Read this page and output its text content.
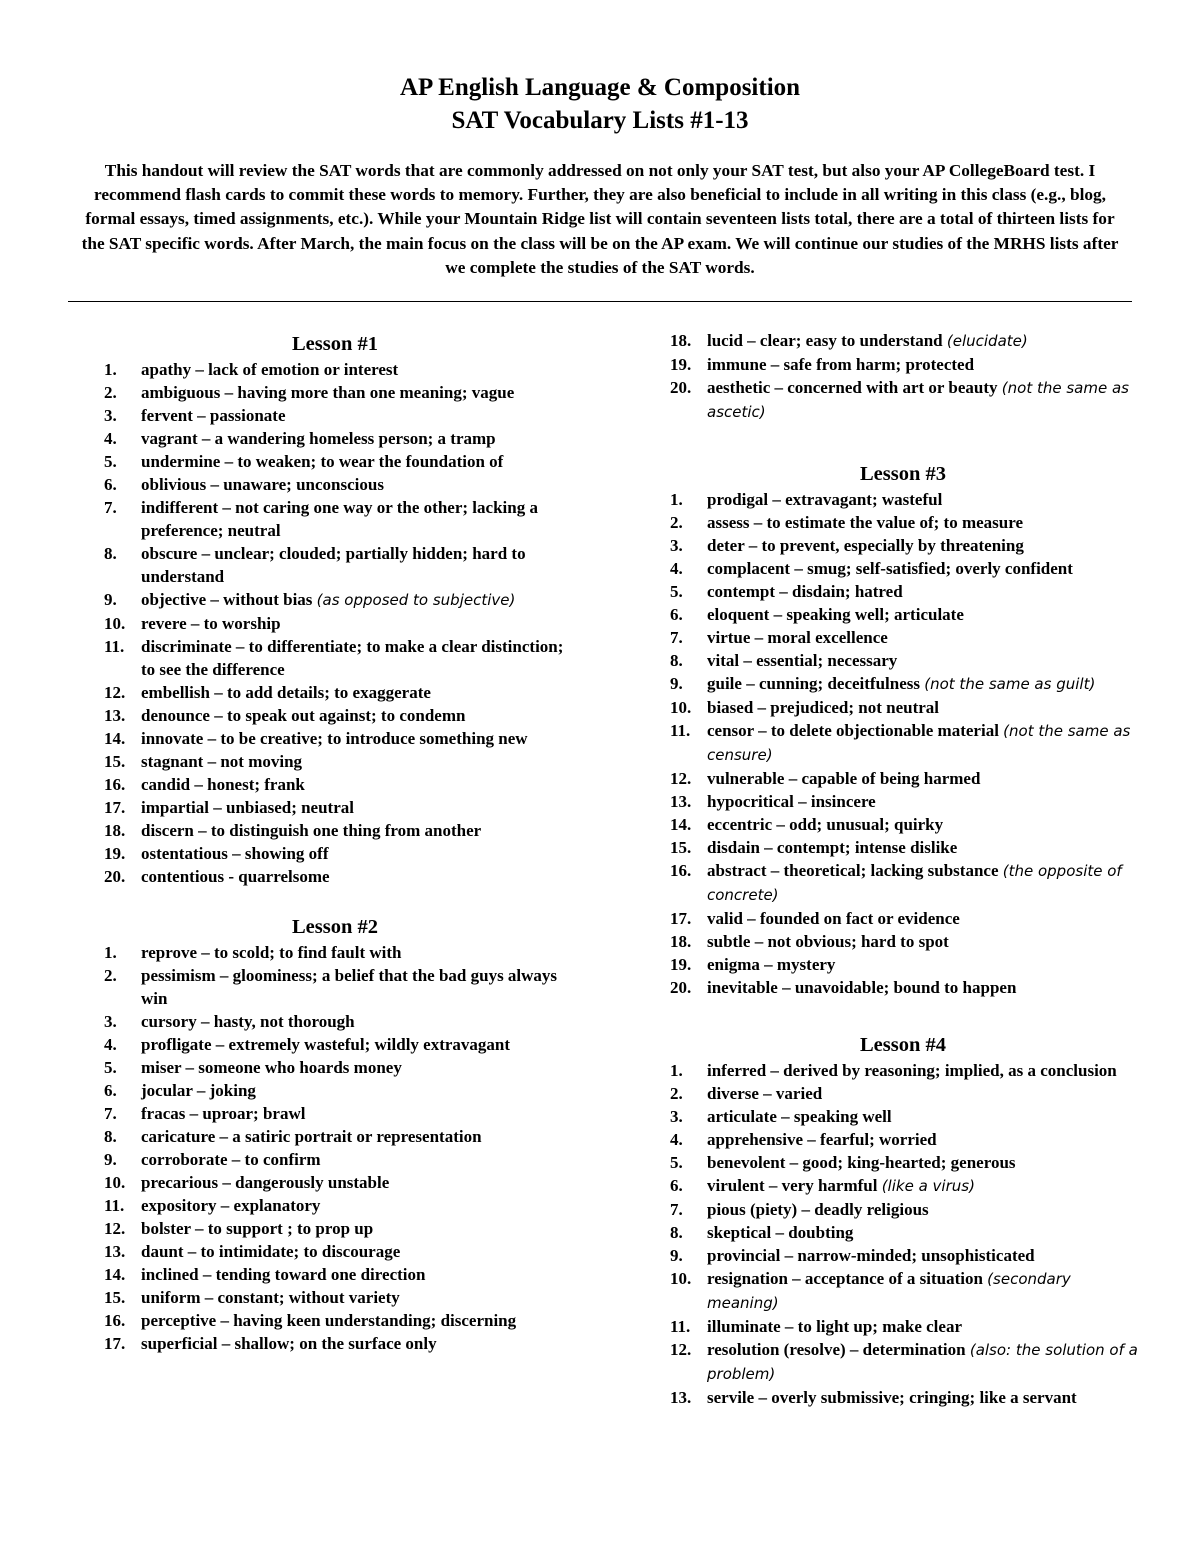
AP English Language & Composition
SAT Vocabulary Lists #1-13
This handout will review the SAT words that are commonly addressed on not only your SAT test, but also your AP CollegeBoard test. I recommend flash cards to commit these words to memory. Further, they are also beneficial to include in all writing in this class (e.g., blog, formal essays, timed assignments, etc.). While your Mountain Ridge list will contain seventeen lists total, there are a total of thirteen lists for the SAT specific words. After March, the main focus on the class will be on the AP exam. We will continue our studies of the MRHS lists after we complete the studies of the SAT words.
Lesson #1
1. apathy – lack of emotion or interest
2. ambiguous – having more than one meaning; vague
3. fervent – passionate
4. vagrant – a wandering homeless person; a tramp
5. undermine – to weaken; to wear the foundation of
6. oblivious – unaware; unconscious
7. indifferent – not caring one way or the other; lacking a preference; neutral
8. obscure – unclear; clouded; partially hidden; hard to understand
9. objective – without bias (as opposed to subjective)
10. revere – to worship
11. discriminate – to differentiate; to make a clear distinction; to see the difference
12. embellish – to add details; to exaggerate
13. denounce – to speak out against; to condemn
14. innovate – to be creative; to introduce something new
15. stagnant – not moving
16. candid – honest; frank
17. impartial – unbiased; neutral
18. discern – to distinguish one thing from another
19. ostentatious – showing off
20. contentious - quarrelsome
Lesson #2
1. reprove – to scold; to find fault with
2. pessimism – gloominess; a belief that the bad guys always win
3. cursory – hasty, not thorough
4. profligate – extremely wasteful; wildly extravagant
5. miser – someone who hoards money
6. jocular – joking
7. fracas – uproar; brawl
8. caricature – a satiric portrait or representation
9. corroborate – to confirm
10. precarious – dangerously unstable
11. expository – explanatory
12. bolster – to support ; to prop up
13. daunt – to intimidate; to discourage
14. inclined – tending toward one direction
15. uniform – constant; without variety
16. perceptive – having keen understanding; discerning
17. superficial – shallow; on the surface only
18. lucid – clear; easy to understand (elucidate)
19. immune – safe from harm; protected
20. aesthetic – concerned with art or beauty (not the same as ascetic)
Lesson #3
1. prodigal – extravagant; wasteful
2. assess – to estimate the value of; to measure
3. deter – to prevent, especially by threatening
4. complacent – smug; self-satisfied; overly confident
5. contempt – disdain; hatred
6. eloquent – speaking well; articulate
7. virtue – moral excellence
8. vital – essential; necessary
9. guile – cunning; deceitfulness (not the same as guilt)
10. biased – prejudiced; not neutral
11. censor – to delete objectionable material (not the same as censure)
12. vulnerable – capable of being harmed
13. hypocritical – insincere
14. eccentric – odd; unusual; quirky
15. disdain – contempt; intense dislike
16. abstract – theoretical; lacking substance (the opposite of concrete)
17. valid – founded on fact or evidence
18. subtle – not obvious; hard to spot
19. enigma – mystery
20. inevitable – unavoidable; bound to happen
Lesson #4
1. inferred – derived by reasoning; implied, as a conclusion
2. diverse – varied
3. articulate – speaking well
4. apprehensive – fearful; worried
5. benevolent – good; king-hearted; generous
6. virulent – very harmful (like a virus)
7. pious (piety) – deadly religious
8. skeptical – doubting
9. provincial – narrow-minded; unsophisticated
10. resignation – acceptance of a situation (secondary meaning)
11. illuminate – to light up; make clear
12. resolution (resolve) – determination (also: the solution of a problem)
13. servile – overly submissive; cringing; like a servant
